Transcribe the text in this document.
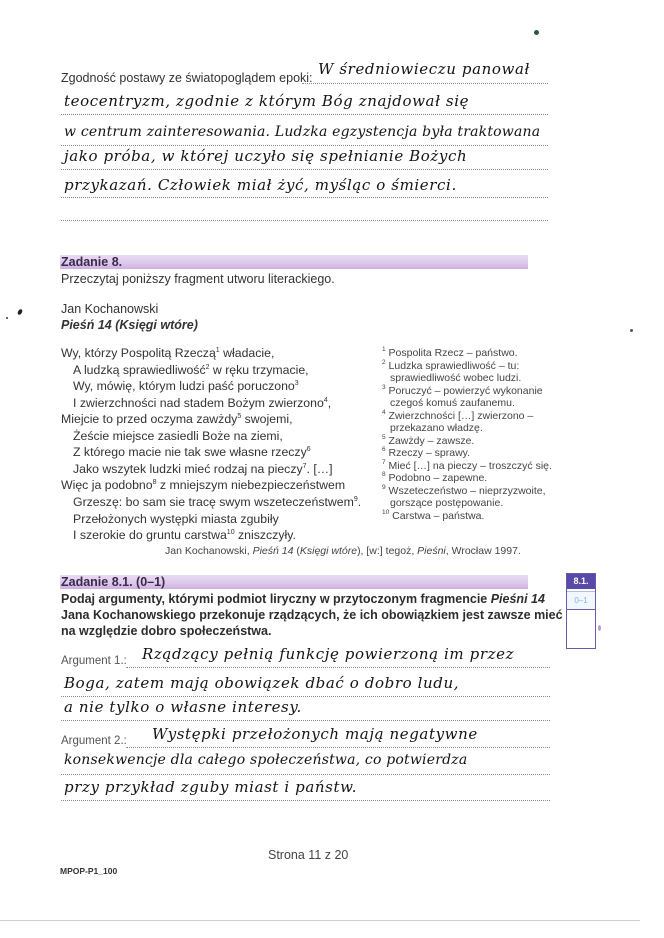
Zgodność postawy ze światopoglądem epoki: W średniowieczu panował
teocentryzm, zgodnie z którym Bóg znajdował się
w centrum zainteresowania. Ludzka egzystencja była traktowana
jako próba, w której uczyło się spełnianie Bożych
przykazań. Człowiek miał żyć, myśląc o śmierci.
Zadanie 8.
Przeczytaj poniższy fragment utworu literackiego.
Jan Kochanowski
Pieśń 14 (Księgi wtóre)
Wy, którzy Pospolitą Rzeczą$^1$ władacie,
A ludzką sprawiedliwość$^2$ w ręku trzymacie,
Wy, mówię, którym ludzi paść poruczono$^3$
I zwierzchności nad stadem Bożym zwierzono$^4$,
Miejcie to przed oczyma zawżdy$^5$ swojemi,
Żeście miejsce zasiedli Boże na ziemi,
Z którego macie nie tak swe własne rzeczy$^6$
Jako wszytek ludzki mieć rodzaj na pieczy$^7$. […]
Więc ja podobno$^8$ z mniejszym niebezpieczeństwem
Grzeszę: bo sam sie tracę swym wszeteczeństwem$^9$.
Przełożonych występki miasta zgubiły
I szerokie do gruntu carstwa$^{10}$ zniszczyły.
$^1$ Pospolita Rzecz – państwo.
$^2$ Ludzka sprawiedliwość – tu:
sprawiedliwość wobec ludzi.
$^3$ Poruczyć – powierzyć wykonanie
czegoś komuś zaufanemu.
$^4$ Zwierzchności […] zwierzono –
przekazano władzę.
$^5$ Zawżdy – zawsze.
$^6$ Rzeczy – sprawy.
$^7$ Mieć […] na pieczy – troszczyć się.
$^8$ Podobno – zapewne.
$^9$ Wszeteczeństwo – nieprzyzwoite,
gorszące postępowanie.
$^{10}$ Carstwa – państwa.
Jan Kochanowski, Pieśń 14 (Księgi wtóre), [w:] tegoż, Pieśni, Wrocław 1997.
Zadanie 8.1. (0–1)
Podaj argumenty, którymi podmiot liryczny w przytoczonym fragmencie Pieśni 14
Jana Kochanowskiego przekonuje rządzących, że ich obowiązkiem jest zawsze mieć
na względzie dobro społeczeństwa.
8.1.
0–1
Argument 1.: Rządzący pełnią funkcję powierzoną im przez
Boga, zatem mają obowiązek dbać o dobro ludu,
a nie tylko o własne interesy.
Argument 2.: Występki przełożonych mają negatywne
konsekwencje dla całego społeczeństwa, co potwierdza
przy przykład zguby miast i państw.
Strona 11 z 20
MPOP-P1_100
